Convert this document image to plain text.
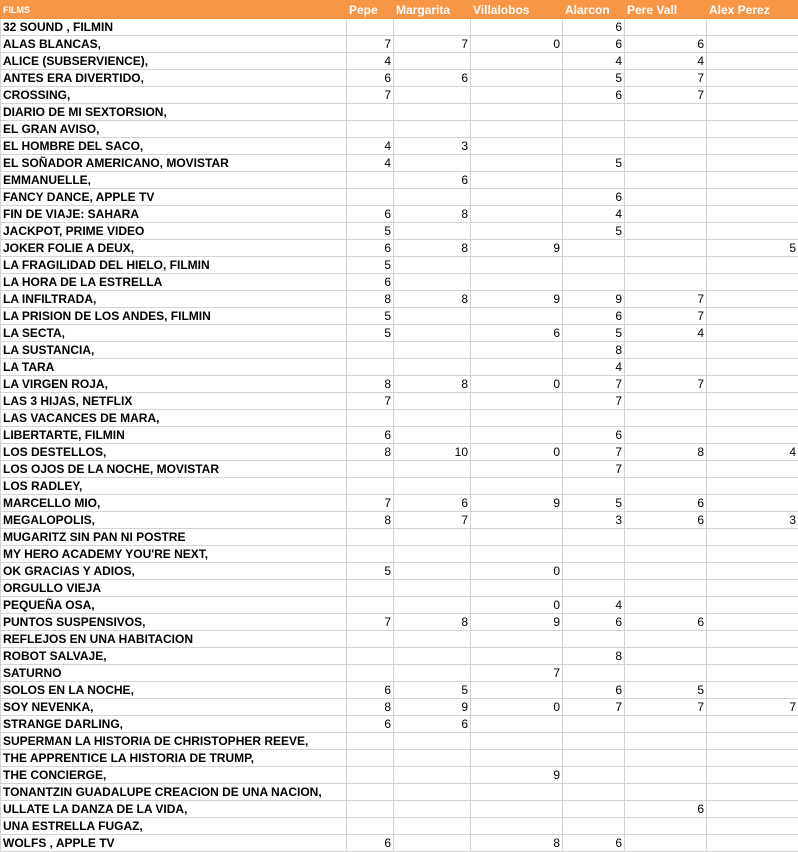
FILMS	Pepe	Margarita	Villalobos	Alarcon	Pere Vall	Alex Perez
32 SOUND , FILMIN				6		
ALAS BLANCAS,	7	7	0	6	6	
ALICE (SUBSERVIENCE),	4			4	4	
ANTES ERA DIVERTIDO,	6	6		5	7	
CROSSING,	7			6	7	
DIARIO DE MI SEXTORSION,						
EL GRAN AVISO,						
EL HOMBRE DEL SACO,	4	3				
EL SOÑADOR AMERICANO, MOVISTAR	4			5		
EMMANUELLE,		6				
FANCY DANCE, APPLE TV				6		
FIN DE VIAJE: SAHARA	6	8		4		
JACKPOT, PRIME VIDEO	5			5		
JOKER FOLIE A DEUX,	6	8	9			5
LA FRAGILIDAD DEL HIELO, FILMIN	5					
LA HORA DE LA ESTRELLA	6					
LA INFILTRADA,	8	8	9	9	7	
LA PRISION DE LOS ANDES, FILMIN	5			6	7	
LA SECTA,	5		6	5	4	
LA SUSTANCIA,				8		
LA TARA				4		
LA VIRGEN ROJA,	8	8	0	7	7	
LAS 3 HIJAS, NETFLIX	7			7		
LAS VACANCES DE MARA,						
LIBERTARTE, FILMIN	6			6		
LOS DESTELLOS,	8	10	0	7	8	4
LOS OJOS DE LA NOCHE, MOVISTAR				7		
LOS RADLEY,						
MARCELLO MIO,	7	6	9	5	6	
MEGALOPOLIS,	8	7		3	6	3
MUGARITZ SIN PAN NI POSTRE						
MY HERO ACADEMY YOU'RE NEXT,						
OK GRACIAS Y ADIOS,	5		0			
ORGULLO VIEJA						
PEQUEÑA OSA,			0	4		
PUNTOS SUSPENSIVOS,	7	8	9	6	6	
REFLEJOS EN UNA HABITACION						
ROBOT SALVAJE,				8		
SATURNO			7			
SOLOS EN LA NOCHE,	6	5		6	5	
SOY NEVENKA,	8	9	0	7	7	7
STRANGE DARLING,	6	6				
SUPERMAN LA HISTORIA DE CHRISTOPHER REEVE,						
THE APPRENTICE LA HISTORIA DE TRUMP,						
THE CONCIERGE,			9			
TONANTZIN GUADALUPE CREACION DE UNA NACION,						
ULLATE LA DANZA DE LA VIDA,					6	
UNA ESTRELLA FUGAZ,						
WOLFS , APPLE TV	6		8	6		
